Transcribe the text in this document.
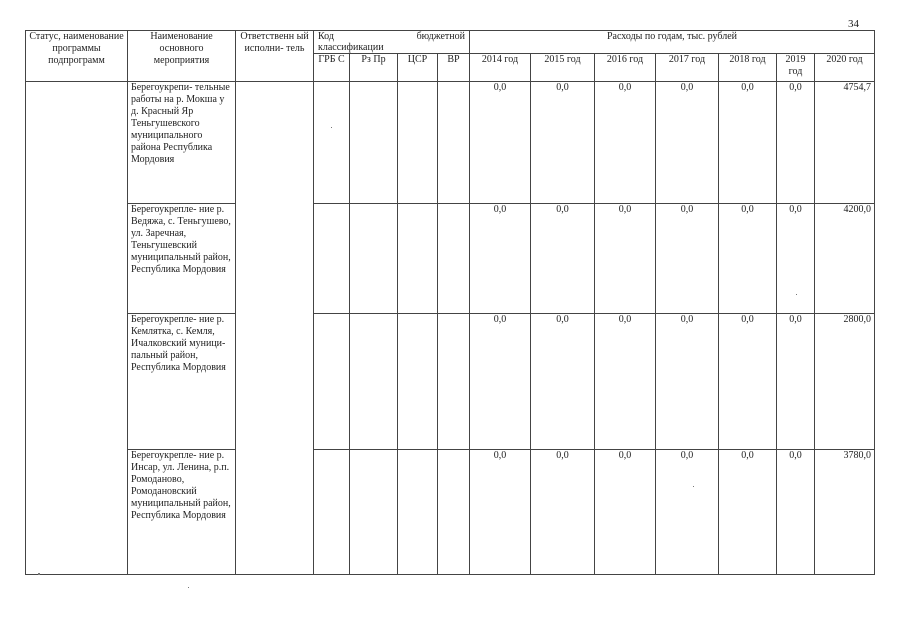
34
Статус, наименование программы подпрограмм	Наименование основного мероприятия	Ответственн ый исполни- тель	Код бюджетной
классификации				Расходы по годам, тыс. рублей						
			ГРБ С	Рз Пр	ЦСР	ВР	2014 год	2015 год	2016 год	2017 год	2018 год	2019 год	2020 год
	Берегоукрепи- тельные работы на р. Мокша у д. Красный Яр Теньгушевского муниципального района Республика Мордовия						0,0	0,0	0,0	0,0	0,0	0,0	4754,7
	Берегоукрепле- ние р. Ведяжа, с. Теньгушево, ул. Заречная, Теньгушевский муниципальный район, Республика Мордовия						0,0	0,0	0,0	0,0	0,0	0,0	4200,0
	Берегоукрепле- ние р. Кемлятка, с. Кемля, Ичалковский муници- пальный район, Республика Мордовия						0,0	0,0	0,0	0,0	0,0	0,0	2800,0
	Берегоукрепле- ние р. Инсар, ул. Ленина, р.п. Ромоданово, Ромодановский муниципальный район, Республика Мордовия						0,0	0,0	0,0	0,0	0,0	0,0	3780,0
